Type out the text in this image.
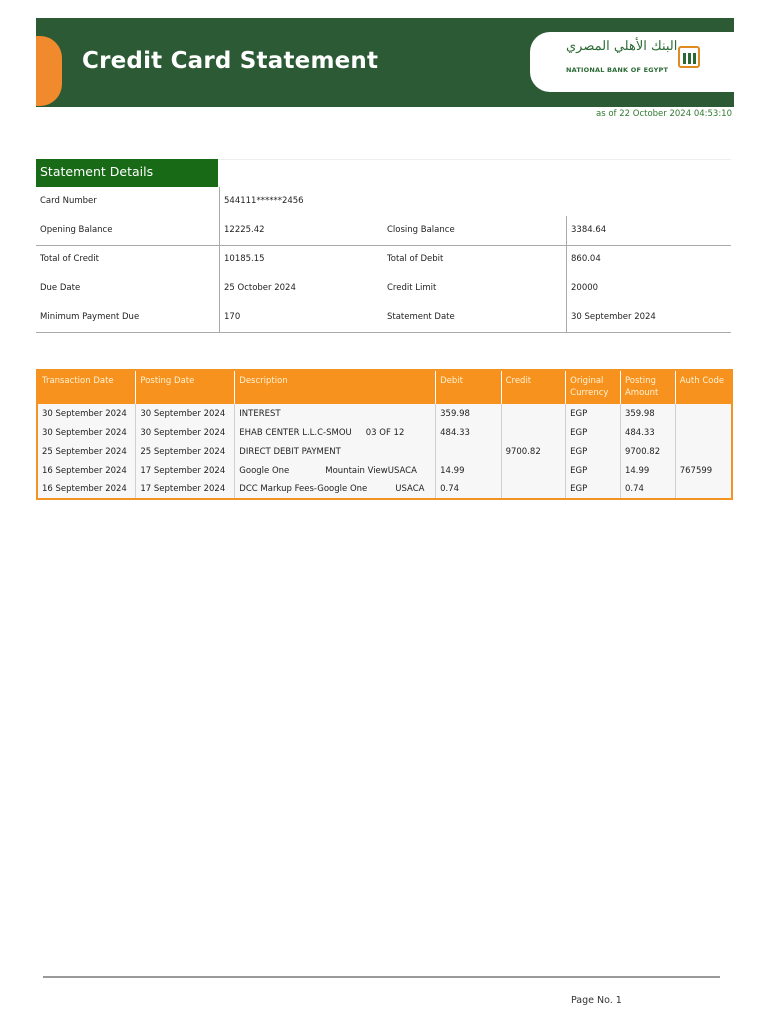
Credit Card Statement
البنك الأهلي المصري
NATIONAL BANK OF EGYPT
as of 22 October 2024 04:53:10
Statement Details
Card Number	544111******2456
Opening Balance	12225.42	Closing Balance	3384.64
Total of Credit	10185.15	Total of Debit	860.04
Due Date	25 October 2024	Credit Limit	20000
Minimum Payment Due	170	Statement Date	30 September 2024
Transaction Date	Posting Date	Description	Debit	Credit	Original Currency	Posting Amount	Auth Code
30 September 2024	30 September 2024	INTEREST	359.98		EGP	359.98	
30 September 2024	30 September 2024	EHAB CENTER L.L.C-SMOU 03 OF 12	484.33		EGP	484.33	
25 September 2024	25 September 2024	DIRECT DEBIT PAYMENT		9700.82	EGP	9700.82	
16 September 2024	17 September 2024	Google One Mountain ViewUSACA	14.99		EGP	14.99	767599
16 September 2024	17 September 2024	DCC Markup Fees-Google One USACA	0.74		EGP	0.74	
Page No. 1
